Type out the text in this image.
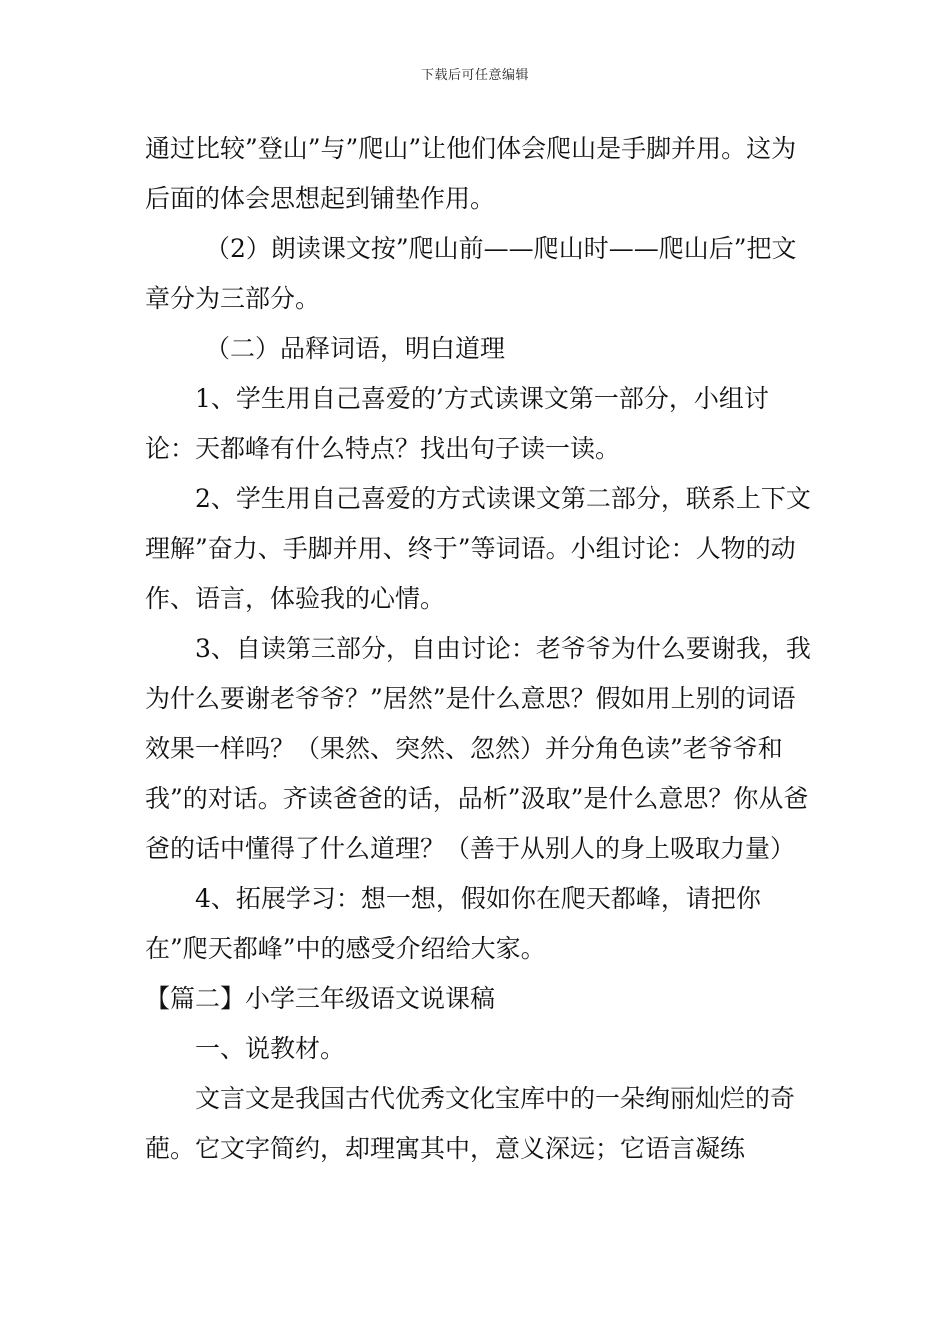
下载后可任意编辑

通过比较”登山”与”爬山”让他们体会爬山是手脚并用。这为后面的体会思想起到铺垫作用。

（2）朗读课文按”爬山前——爬山时——爬山后”把文章分为三部分。

（二）品释词语，明白道理

1、学生用自己喜爱的’方式读课文第一部分，小组讨论：天都峰有什么特点？找出句子读一读。

2、学生用自己喜爱的方式读课文第二部分，联系上下文理解”奋力、手脚并用、终于”等词语。小组讨论：人物的动作、语言，体验我的心情。

3、自读第三部分，自由讨论：老爷爷为什么要谢我，我为什么要谢老爷爷？”居然”是什么意思？假如用上别的词语效果一样吗？（果然、突然、忽然）并分角色读”老爷爷和我”的对话。齐读爸爸的话，品析”汲取”是什么意思？你从爸爸的话中懂得了什么道理？（善于从别人的身上吸取力量）

4、拓展学习：想一想，假如你在爬天都峰，请把你在”爬天都峰”中的感受介绍给大家。

【篇二】小学三年级语文说课稿

一、说教材。

文言文是我国古代优秀文化宝库中的一朵绚丽灿烂的奇葩。它文字简约，却理寓其中，意义深远；它语言凝练
